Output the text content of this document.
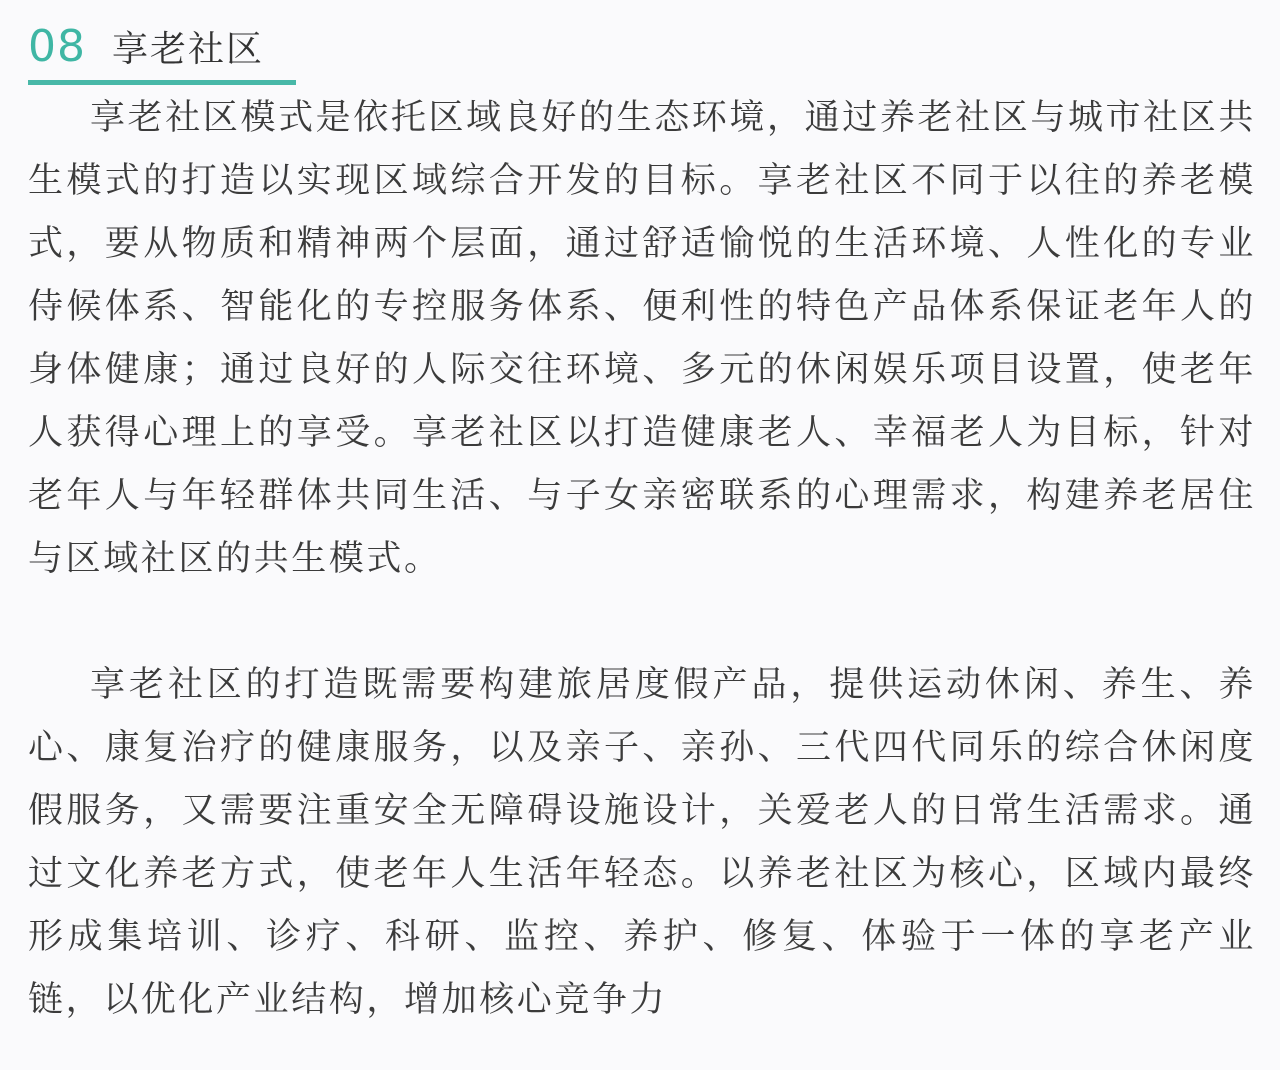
08 享老社区

享老社区模式是依托区域良好的生态环境，通过养老社区与城市社区共生模式的打造以实现区域综合开发的目标。享老社区不同于以往的养老模式，要从物质和精神两个层面，通过舒适愉悦的生活环境、人性化的专业侍候体系、智能化的专控服务体系、便利性的特色产品体系保证老年人的身体健康；通过良好的人际交往环境、多元的休闲娱乐项目设置，使老年人获得心理上的享受。享老社区以打造健康老人、幸福老人为目标，针对老年人与年轻群体共同生活、与子女亲密联系的心理需求，构建养老居住与区域社区的共生模式。

享老社区的打造既需要构建旅居度假产品，提供运动休闲、养生、养心、康复治疗的健康服务，以及亲子、亲孙、三代四代同乐的综合休闲度假服务，又需要注重安全无障碍设施设计，关爱老人的日常生活需求。通过文化养老方式，使老年人生活年轻态。以养老社区为核心，区域内最终形成集培训、诊疗、科研、监控、养护、修复、体验于一体的享老产业链，以优化产业结构，增加核心竞争力
